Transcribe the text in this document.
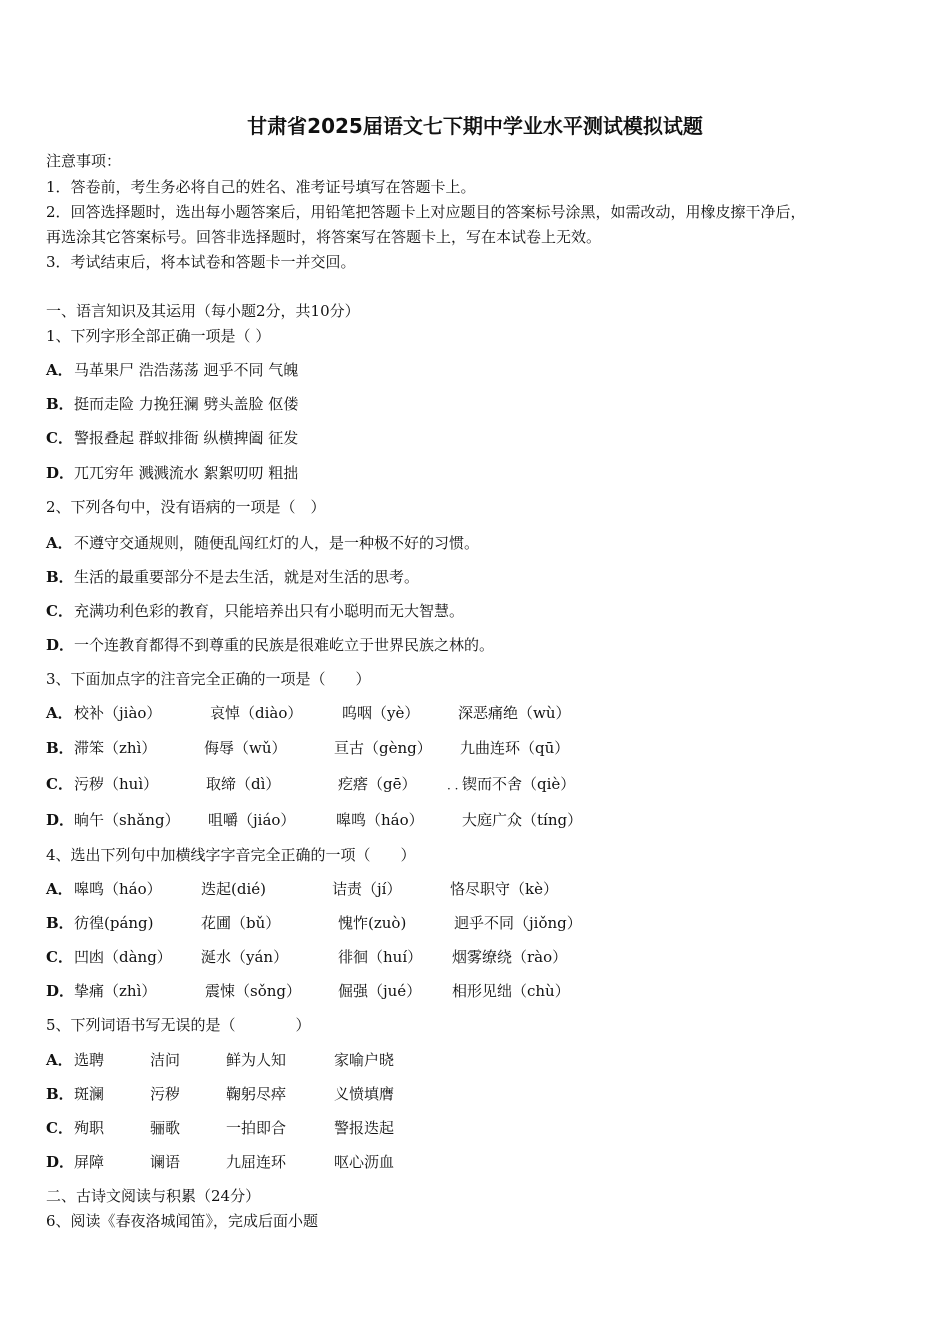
甘肃省2025届语文七下期中学业水平测试模拟试题
注意事项：
1．答卷前，考生务必将自己的姓名、准考证号填写在答题卡上。
2．回答选择题时，选出每小题答案后，用铅笔把答题卡上对应题目的答案标号涂黑，如需改动，用橡皮擦干净后，
再选涂其它答案标号。回答非选择题时，将答案写在答题卡上，写在本试卷上无效。
3．考试结束后，将本试卷和答题卡一并交回。
一、语言知识及其运用（每小题2分，共10分）
1、下列字形全部正确一项是（ ）
A．马革果尸 浩浩荡荡 迥乎不同 气魄
B．挺而走险 力挽狂澜 劈头盖脸 伛偻
C．警报叠起 群蚁排衙 纵横捭阖 征发
D．兀兀穷年 溅溅流水 絮絮叨叨 粗拙
2、下列各句中，没有语病的一项是（　）
A．不遵守交通规则，随便乱闯红灯的人，是一种极不好的习惯。
B．生活的最重要部分不是去生活，就是对生活的思考。
C．充满功利色彩的教育，只能培养出只有小聪明而无大智慧。
D．一个连教育都得不到尊重的民族是很难屹立于世界民族之林的。
3、下面加点字的注音完全正确的一项是（　　）
A． 校补（jiào）	哀悼（diào）	呜咽（yè）	深恶痛绝（wù）
B． 滞笨（zhì）	侮辱（wǔ）	亘古（gèng） 九曲连环（qū）
C． 污秽（huì）	取缔（dì）	疙瘩（gē）	· · 锲而不舍（qiè）
D． 晌午（shǎng） 咀嚼（jiáo）	嗥鸣（háo）	大庭广众（tíng）
4、选出下列句中加横线字字音完全正确的一项（　　）
A． 嗥鸣（háo）	迭起(dié)	诘责（jí）	恪尽职守（kè）
B． 彷徨(páng)	花圃（bǔ）	愧怍(zuò)	迥乎不同（jiǒng）
C． 凹凼（dàng） 涎水（yán）	徘徊（huí） 烟雾缭绕（rào）
D． 挚痛（zhì）	震悚（sǒng） 倔强（jué） 相形见绌（chù）
5、下列词语书写无误的是（　　　　）
A． 选聘	洁问	鲜为人知	家喻户晓
B． 斑澜	污秽	鞠躬尽瘁	义愤填膺
C． 殉职	骊歌	一拍即合	警报迭起
D． 屏障	谰语	九屈连环	呕心沥血
二、古诗文阅读与积累（24分）
6、阅读《春夜洛城闻笛》，完成后面小题
